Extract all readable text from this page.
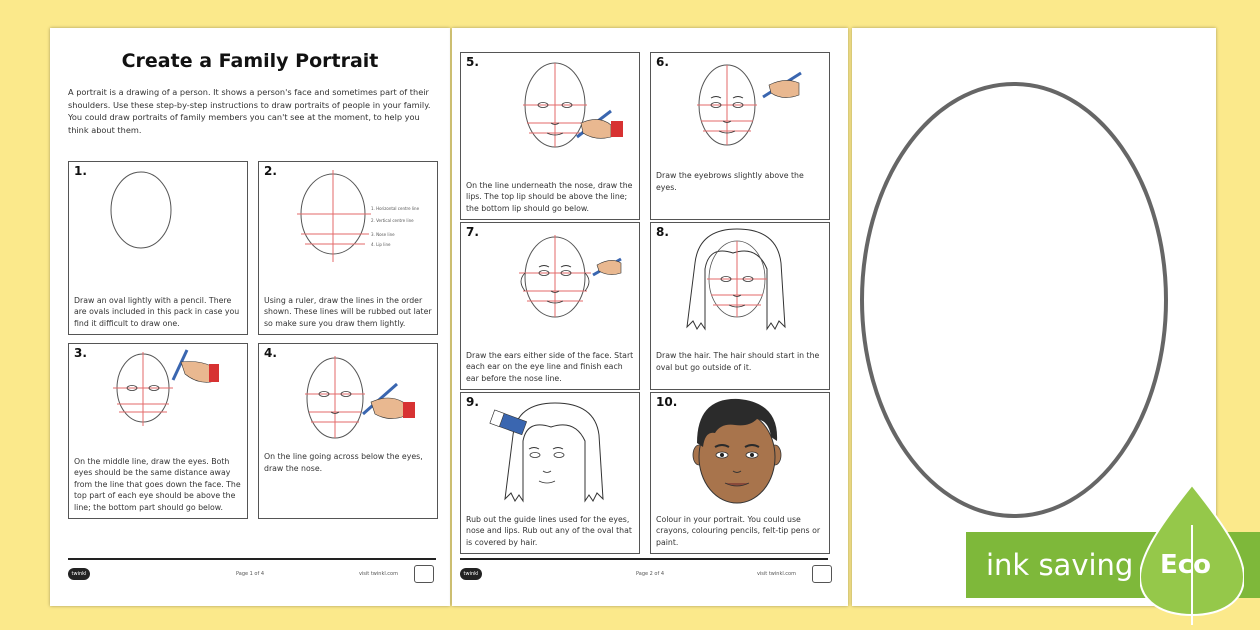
Create a Family Portrait

A portrait is a drawing of a person. It shows a person's face and sometimes part of their shoulders. Use these step-by-step instructions to draw portraits of people in your family. You could draw portraits of family members you can't see at the moment, to help you think about them.

1.
Draw an oval lightly with a pencil. There are ovals included in this pack in case you find it difficult to draw one.
1. Horizontal centre line
2. Vertical centre line
3. Nose line
4. Lip line
2.
Using a ruler, draw the lines in the order shown. These lines will be rubbed out later so make sure you draw them lightly.
3.
On the middle line, draw the eyes. Both eyes should be the same distance away from the line that goes down the face. The top part of each eye should be above the line; the bottom part should go below.
4.
On the line going across below the eyes, draw the nose.
twinkl	Page 1 of 4	visit twinkl.com
5.
On the line underneath the nose, draw the lips. The top lip should be above the line; the bottom lip should go below.
6.
Draw the eyebrows slightly above the eyes.
7.
Draw the ears either side of the face. Start each ear on the eye line and finish each ear before the nose line.
8.
Draw the hair. The hair should start in the oval but go outside of it.
9.
Rub out the guide lines used for the eyes, nose and lips. Rub out any of the oval that is covered by hair.
10.
Colour in your portrait. You could use crayons, colouring pencils, felt-tip pens or paint.
twinkl	Page 2 of 4	visit twinkl.com	ink saving Eco
